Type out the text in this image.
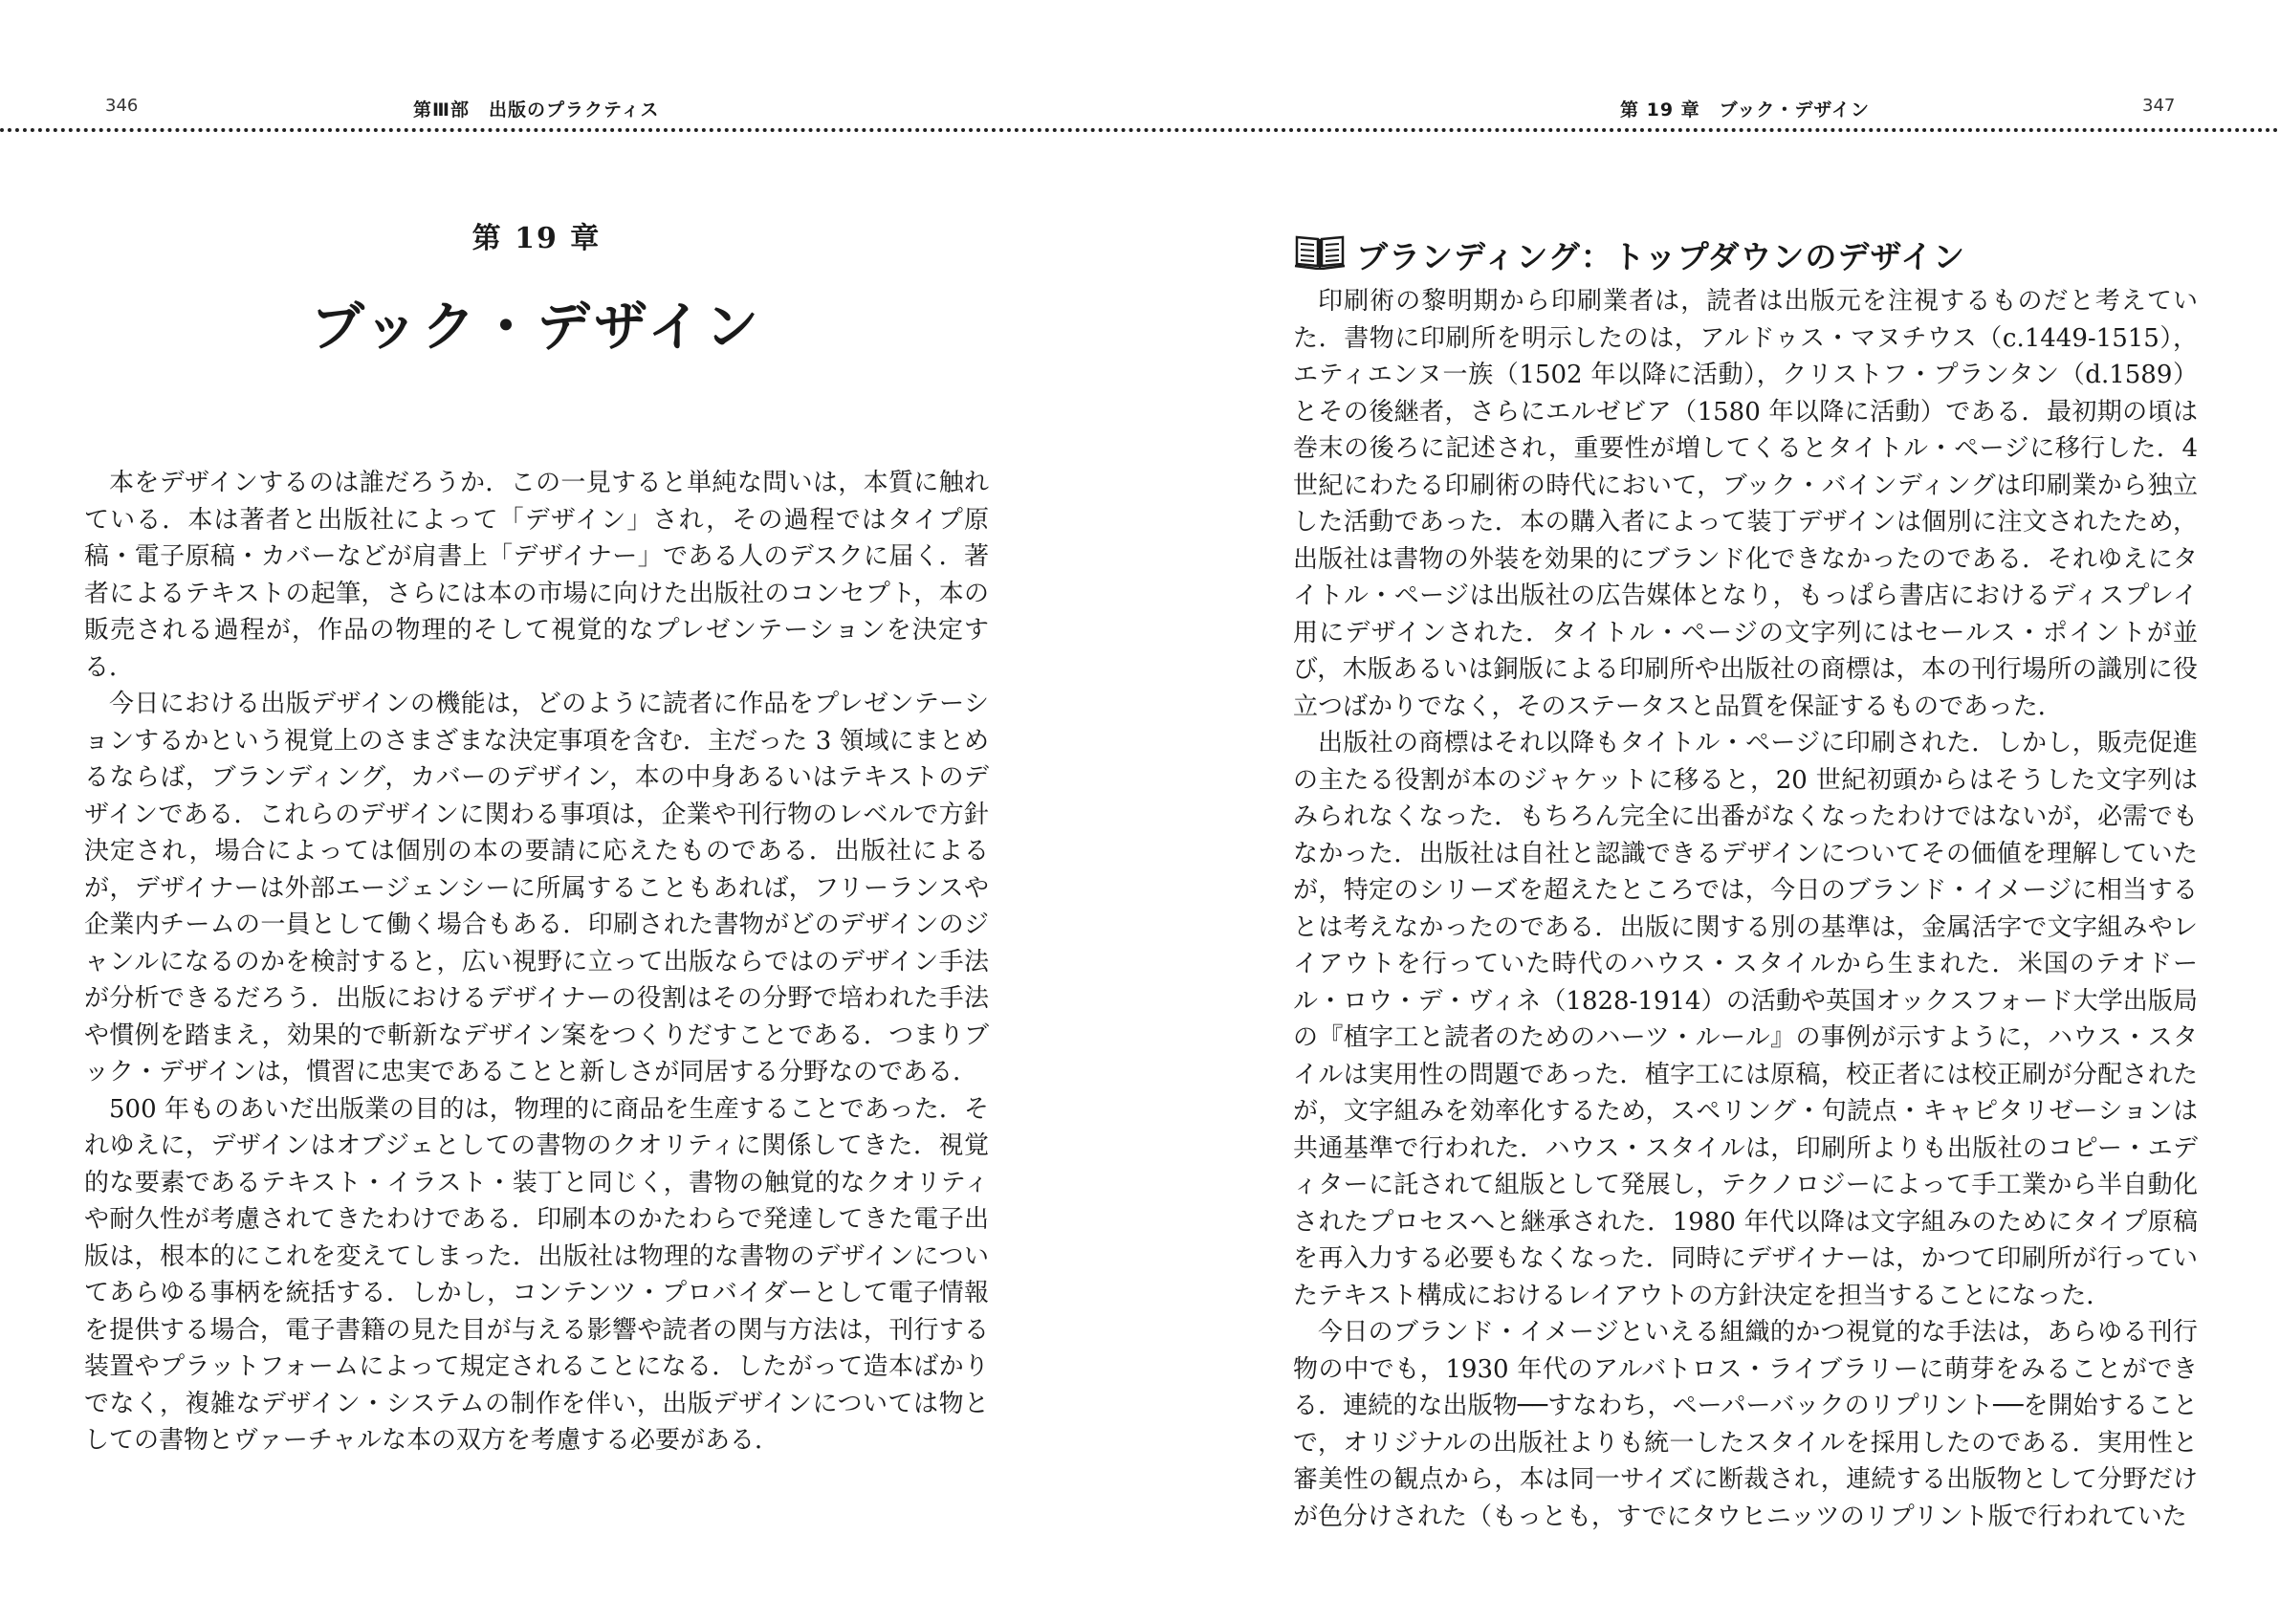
346	第Ⅲ部　出版のプラクティス	第 19 章　ブック・デザイン	347
第 19 章
ブック・デザイン

本をデザインするのは誰だろうか．この一見すると単純な問いは，本質に触れている．本は著者と出版社によって「デザイン」され，その過程ではタイプ原稿・電子原稿・カバーなどが肩書上「デザイナー」である人のデスクに届く．著者によるテキストの起筆，さらには本の市場に向けた出版社のコンセプト，本の販売される過程が，作品の物理的そして視覚的なプレゼンテーションを決定する．

今日における出版デザインの機能は，どのように読者に作品をプレゼンテーションするかという視覚上のさまざまな決定事項を含む．主だった 3 領域にまとめるならば，ブランディング，カバーのデザイン，本の中身あるいはテキストのデザインである．これらのデザインに関わる事項は，企業や刊行物のレベルで方針決定され，場合によっては個別の本の要請に応えたものである．出版社によるが，デザイナーは外部エージェンシーに所属することもあれば，フリーランスや企業内チームの一員として働く場合もある．印刷された書物がどのデザインのジャンルになるのかを検討すると，広い視野に立って出版ならではのデザイン手法が分析できるだろう．出版におけるデザイナーの役割はその分野で培われた手法や慣例を踏まえ，効果的で斬新なデザイン案をつくりだすことである．つまりブック・デザインは，慣習に忠実であることと新しさが同居する分野なのである．

500 年ものあいだ出版業の目的は，物理的に商品を生産することであった．それゆえに，デザインはオブジェとしての書物のクオリティに関係してきた．視覚的な要素であるテキスト・イラスト・装丁と同じく，書物の触覚的なクオリティや耐久性が考慮されてきたわけである．印刷本のかたわらで発達してきた電子出版は，根本的にこれを変えてしまった．出版社は物理的な書物のデザインについてあらゆる事柄を統括する．しかし，コンテンツ・プロバイダーとして電子情報を提供する場合，電子書籍の見た目が与える影響や読者の関与方法は，刊行する装置やプラットフォームによって規定されることになる．したがって造本ばかりでなく，複雑なデザイン・システムの制作を伴い，出版デザインについては物としての書物とヴァーチャルな本の双方を考慮する必要がある．

ブランディング：トップダウンのデザイン

印刷術の黎明期から印刷業者は，読者は出版元を注視するものだと考えていた．書物に印刷所を明示したのは，アルドゥス・マヌチウス（c.1449-1515），エティエンヌ一族（1502 年以降に活動），クリストフ・プランタン（d.1589）とその後継者，さらにエルゼビア（1580 年以降に活動）である．最初期の頃は巻末の後ろに記述され，重要性が増してくるとタイトル・ページに移行した．4 世紀にわたる印刷術の時代において，ブック・バインディングは印刷業から独立した活動であった．本の購入者によって装丁デザインは個別に注文されたため，出版社は書物の外装を効果的にブランド化できなかったのである．それゆえにタイトル・ページは出版社の広告媒体となり，もっぱら書店におけるディスプレイ用にデザインされた．タイトル・ページの文字列にはセールス・ポイントが並び，木版あるいは銅版による印刷所や出版社の商標は，本の刊行場所の識別に役立つばかりでなく，そのステータスと品質を保証するものであった．

出版社の商標はそれ以降もタイトル・ページに印刷された．しかし，販売促進の主たる役割が本のジャケットに移ると，20 世紀初頭からはそうした文字列はみられなくなった．もちろん完全に出番がなくなったわけではないが，必需でもなかった．出版社は自社と認識できるデザインについてその価値を理解していたが，特定のシリーズを超えたところでは，今日のブランド・イメージに相当するとは考えなかったのである．出版に関する別の基準は，金属活字で文字組みやレイアウトを行っていた時代のハウス・スタイルから生まれた．米国のテオドール・ロウ・デ・ヴィネ（1828-1914）の活動や英国オックスフォード大学出版局の『植字工と読者のためのハーツ・ルール』の事例が示すように，ハウス・スタイルは実用性の問題であった．植字工には原稿，校正者には校正刷が分配されたが，文字組みを効率化するため，スペリング・句読点・キャピタリゼーションは共通基準で行われた．ハウス・スタイルは，印刷所よりも出版社のコピー・エディターに託されて組版として発展し，テクノロジーによって手工業から半自動化されたプロセスへと継承された．1980 年代以降は文字組みのためにタイプ原稿を再入力する必要もなくなった．同時にデザイナーは，かつて印刷所が行っていたテキスト構成におけるレイアウトの方針決定を担当することになった．

今日のブランド・イメージといえる組織的かつ視覚的な手法は，あらゆる刊行物の中でも，1930 年代のアルバトロス・ライブラリーに萌芽をみることができる．連続的な出版物──すなわち，ペーパーバックのリプリント──を開始することで，オリジナルの出版社よりも統一したスタイルを採用したのである．実用性と審美性の観点から，本は同一サイズに断裁され，連続する出版物として分野だけが色分けされた（もっとも，すでにタウヒニッツのリプリント版で行われていた
